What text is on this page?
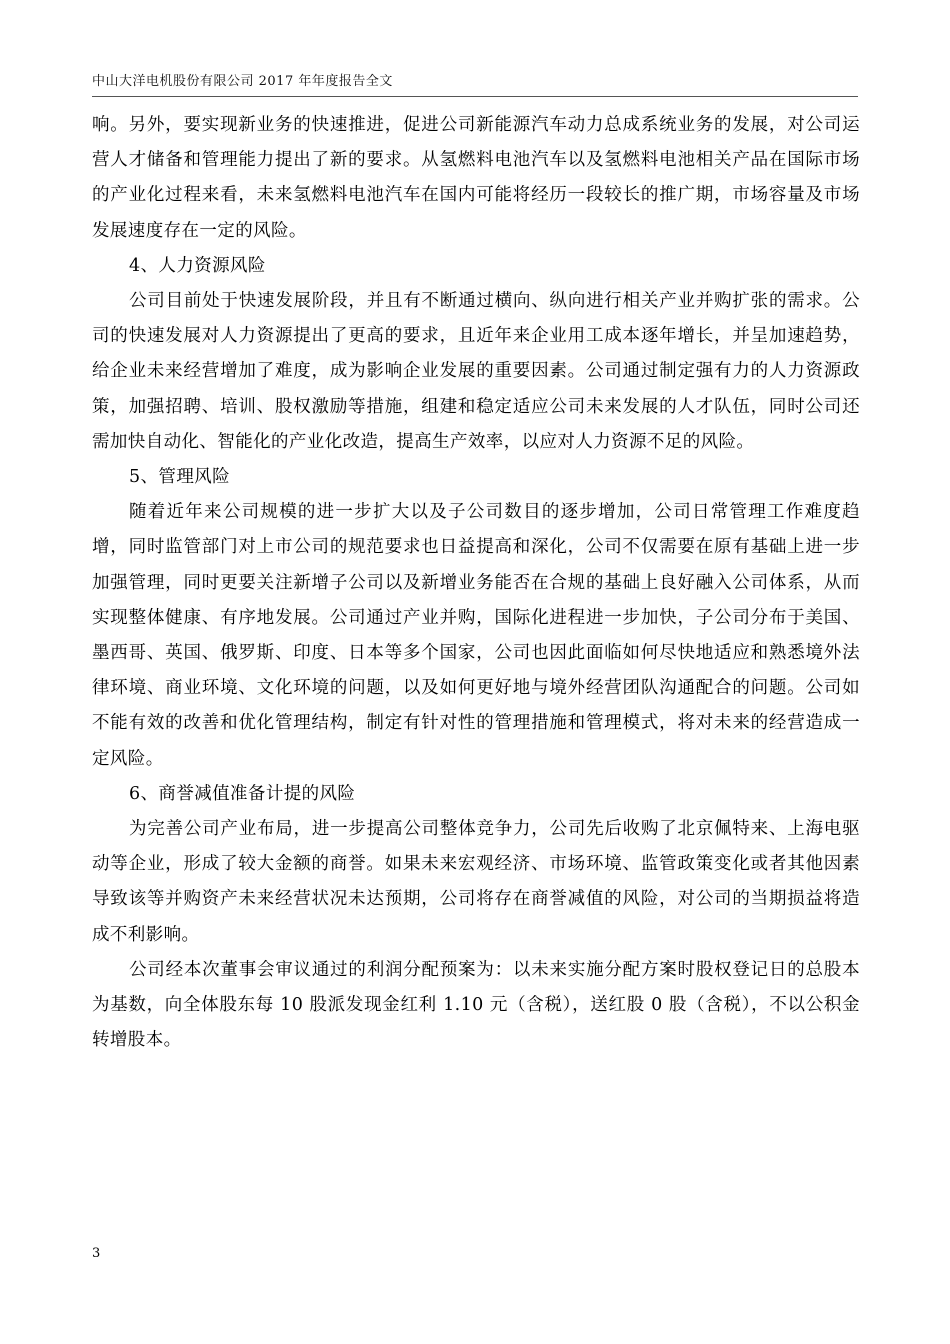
中山大洋电机股份有限公司 2017 年年度报告全文

响。另外，要实现新业务的快速推进，促进公司新能源汽车动力总成系统业务的发展，对公司运营人才储备和管理能力提出了新的要求。从氢燃料电池汽车以及氢燃料电池相关产品在国际市场的产业化过程来看，未来氢燃料电池汽车在国内可能将经历一段较长的推广期，市场容量及市场发展速度存在一定的风险。

4、人力资源风险

公司目前处于快速发展阶段，并且有不断通过横向、纵向进行相关产业并购扩张的需求。公司的快速发展对人力资源提出了更高的要求，且近年来企业用工成本逐年增长，并呈加速趋势，给企业未来经营增加了难度，成为影响企业发展的重要因素。公司通过制定强有力的人力资源政策，加强招聘、培训、股权激励等措施，组建和稳定适应公司未来发展的人才队伍，同时公司还需加快自动化、智能化的产业化改造，提高生产效率，以应对人力资源不足的风险。

5、管理风险

随着近年来公司规模的进一步扩大以及子公司数目的逐步增加，公司日常管理工作难度趋增，同时监管部门对上市公司的规范要求也日益提高和深化，公司不仅需要在原有基础上进一步加强管理，同时更要关注新增子公司以及新增业务能否在合规的基础上良好融入公司体系，从而实现整体健康、有序地发展。公司通过产业并购，国际化进程进一步加快，子公司分布于美国、墨西哥、英国、俄罗斯、印度、日本等多个国家，公司也因此面临如何尽快地适应和熟悉境外法律环境、商业环境、文化环境的问题，以及如何更好地与境外经营团队沟通配合的问题。公司如不能有效的改善和优化管理结构，制定有针对性的管理措施和管理模式，将对未来的经营造成一定风险。

6、商誉减值准备计提的风险

为完善公司产业布局，进一步提高公司整体竞争力，公司先后收购了北京佩特来、上海电驱动等企业，形成了较大金额的商誉。如果未来宏观经济、市场环境、监管政策变化或者其他因素导致该等并购资产未来经营状况未达预期，公司将存在商誉减值的风险，对公司的当期损益将造成不利影响。

公司经本次董事会审议通过的利润分配预案为：以未来实施分配方案时股权登记日的总股本为基数，向全体股东每 10 股派发现金红利 1.10 元（含税），送红股 0 股（含税），不以公积金转增股本。

3
